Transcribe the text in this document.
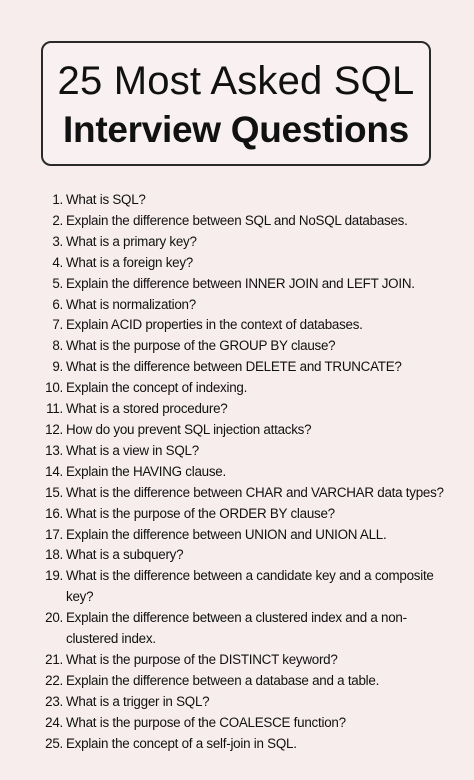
25 Most Asked SQL
Interview Questions
1. What is SQL?
2. Explain the difference between SQL and NoSQL databases.
3. What is a primary key?
4. What is a foreign key?
5. Explain the difference between INNER JOIN and LEFT JOIN.
6. What is normalization?
7. Explain ACID properties in the context of databases.
8. What is the purpose of the GROUP BY clause?
9. What is the difference between DELETE and TRUNCATE?
10. Explain the concept of indexing.
11. What is a stored procedure?
12. How do you prevent SQL injection attacks?
13. What is a view in SQL?
14. Explain the HAVING clause.
15. What is the difference between CHAR and VARCHAR data types?
16. What is the purpose of the ORDER BY clause?
17. Explain the difference between UNION and UNION ALL.
18. What is a subquery?
19. What is the difference between a candidate key and a composite key?
20. Explain the difference between a clustered index and a non-clustered index.
21. What is the purpose of the DISTINCT keyword?
22. Explain the difference between a database and a table.
23. What is a trigger in SQL?
24. What is the purpose of the COALESCE function?
25. Explain the concept of a self-join in SQL.
